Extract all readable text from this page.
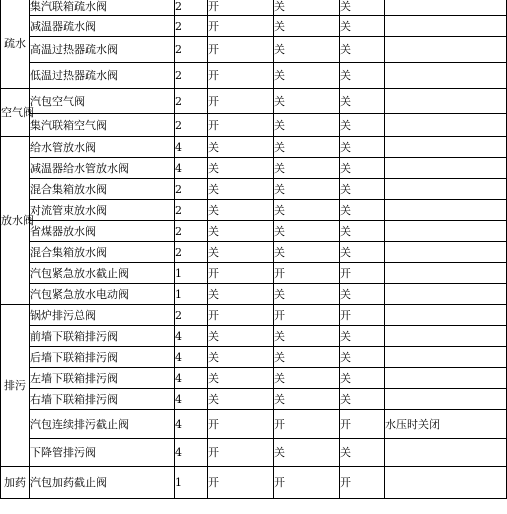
疏水	集汽联箱疏水阀	2	开	关	关	
	减温器疏水阀	2	开	关	关	
	高温过热器疏水阀	2	开	关	关	
	低温过热器疏水阀	2	开	关	关	
空气阀	汽包空气阀	2	开	关	关	
	集汽联箱空气阀	2	开	关	关	
放水阀	给水管放水阀	4	关	关	关	
	减温器给水管放水阀	4	关	关	关	
	混合集箱放水阀	2	关	关	关	
	对流管束放水阀	2	关	关	关	
	省煤器放水阀	2	关	关	关	
	混合集箱放水阀	2	关	关	关	
	汽包紧急放水截止阀	1	开	开	开	
	汽包紧急放水电动阀	1	关	关	关	
排污	锅炉排污总阀	2	开	开	开	
	前墙下联箱排污阀	4	关	关	关	
	后墙下联箱排污阀	4	关	关	关	
	左墙下联箱排污阀	4	关	关	关	
	右墙下联箱排污阀	4	关	关	关	
	汽包连续排污截止阀	4	开	开	开	水压时关闭
	下降管排污阀	4	开	关	关	
加药	汽包加药截止阀	1	开	开	开	
